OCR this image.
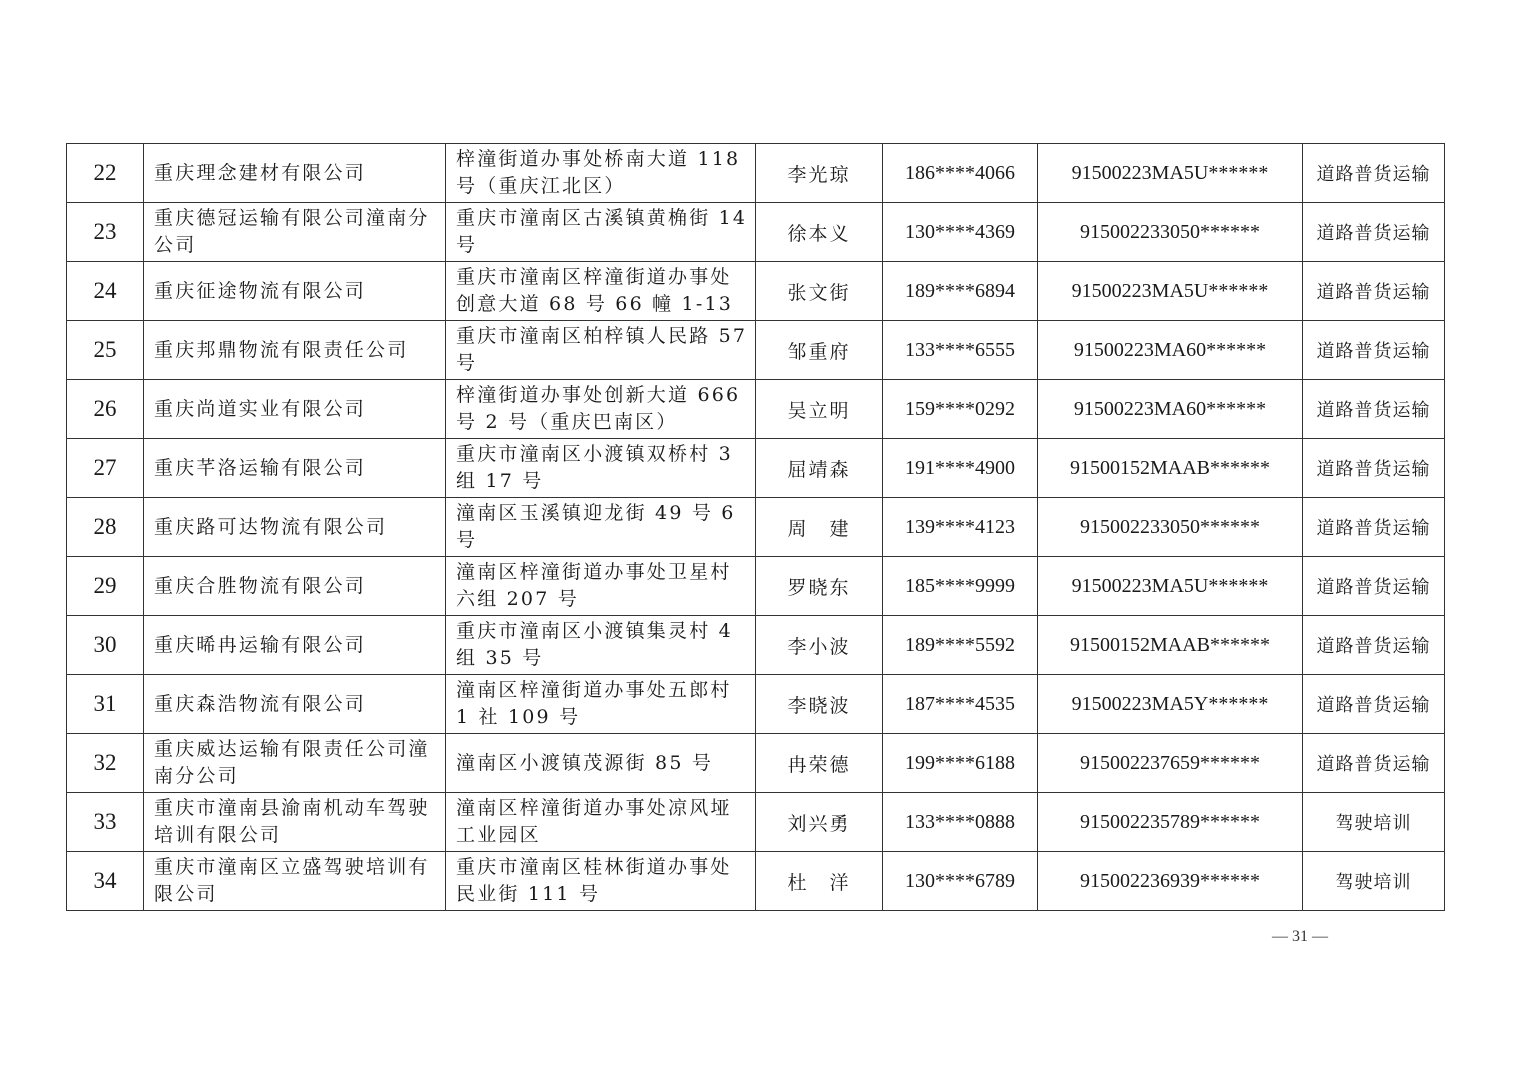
22	重庆理念建材有限公司	梓潼街道办事处桥南大道 118 号（重庆江北区）	李光琼	186****4066	91500223MA5U******	道路普货运输
23	重庆德冠运输有限公司潼南分公司	重庆市潼南区古溪镇黄桷街 14 号	徐本义	130****4369	915002233050******	道路普货运输
24	重庆征途物流有限公司	重庆市潼南区梓潼街道办事处创意大道 68 号 66 幢 1-13	张文街	189****6894	91500223MA5U******	道路普货运输
25	重庆邦鼎物流有限责任公司	重庆市潼南区柏梓镇人民路 57 号	邹重府	133****6555	91500223MA60******	道路普货运输
26	重庆尚道实业有限公司	梓潼街道办事处创新大道 666 号 2 号（重庆巴南区）	吴立明	159****0292	91500223MA60******	道路普货运输
27	重庆芊洛运输有限公司	重庆市潼南区小渡镇双桥村 3 组 17 号	屈靖森	191****4900	91500152MAAB******	道路普货运输
28	重庆路可达物流有限公司	潼南区玉溪镇迎龙街 49 号 6 号	周　建	139****4123	915002233050******	道路普货运输
29	重庆合胜物流有限公司	潼南区梓潼街道办事处卫星村六组 207 号	罗晓东	185****9999	91500223MA5U******	道路普货运输
30	重庆晞冉运输有限公司	重庆市潼南区小渡镇集灵村 4 组 35 号	李小波	189****5592	91500152MAAB******	道路普货运输
31	重庆森浩物流有限公司	潼南区梓潼街道办事处五郎村 1 社 109 号	李晓波	187****4535	91500223MA5Y******	道路普货运输
32	重庆威达运输有限责任公司潼南分公司	潼南区小渡镇茂源街 85 号	冉荣德	199****6188	915002237659******	道路普货运输
33	重庆市潼南县渝南机动车驾驶培训有限公司	潼南区梓潼街道办事处凉风垭工业园区	刘兴勇	133****0888	915002235789******	驾驶培训
34	重庆市潼南区立盛驾驶培训有限公司	重庆市潼南区桂林街道办事处民业街 111 号	杜　洋	130****6789	915002236939******	驾驶培训
— 31 —
